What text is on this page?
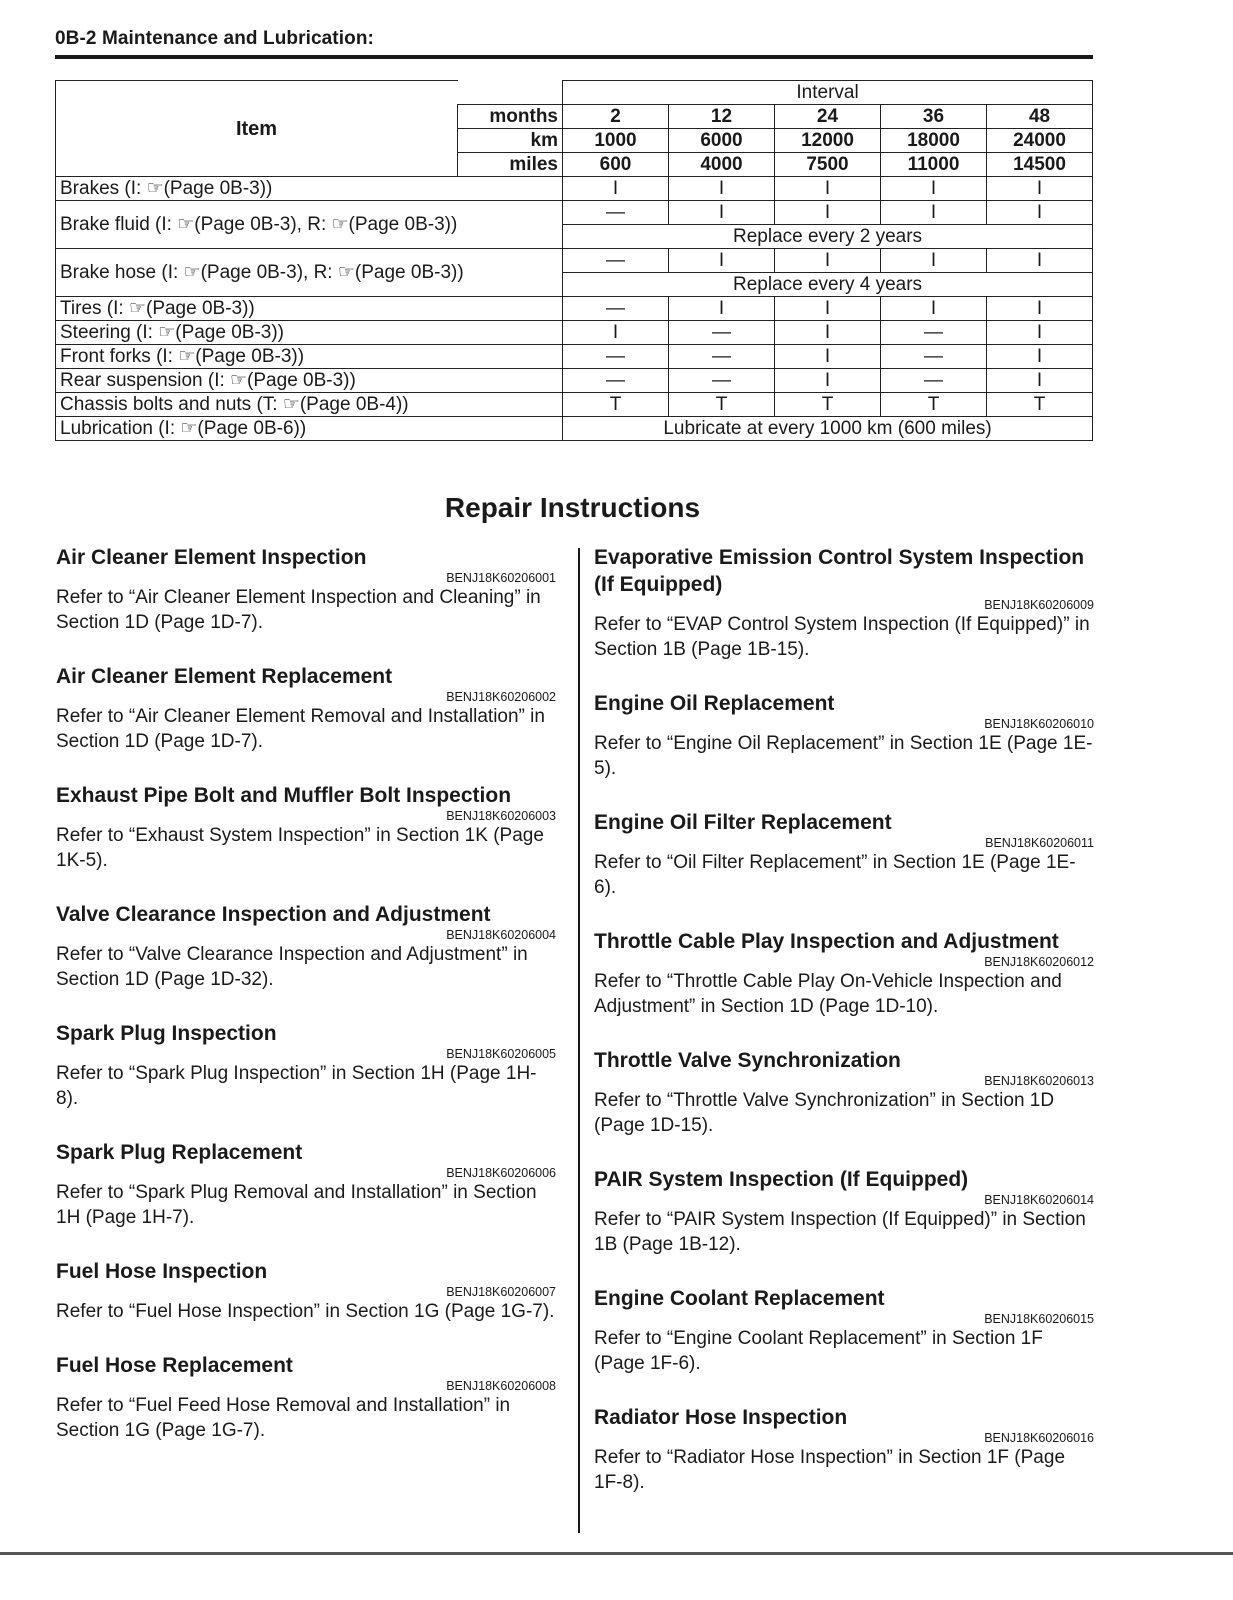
0B-2 Maintenance and Lubrication:
Item		Interval				
	months	2	12	24	36	48
	km	1000	6000	12000	18000	24000
	miles	600	4000	7500	11000	14500
Brakes (I: ☞(Page 0B-3))		I	I	I	I	I
Brake fluid (I: ☞(Page 0B-3), R: ☞(Page 0B-3))		—	I	I	I	I
		Replace every 2 years				
Brake hose (I: ☞(Page 0B-3), R: ☞(Page 0B-3))		—	I	I	I	I
		Replace every 4 years				
Tires (I: ☞(Page 0B-3))		—	I	I	I	I
Steering (I: ☞(Page 0B-3))		I	—	I	—	I
Front forks (I: ☞(Page 0B-3))		—	—	I	—	I
Rear suspension (I: ☞(Page 0B-3))		—	—	I	—	I
Chassis bolts and nuts (T: ☞(Page 0B-4))		T	T	T	T	T
Lubrication (I: ☞(Page 0B-6))		Lubricate at every 1000 km (600 miles)				
Repair Instructions
Air Cleaner Element Inspection
BENJ18K60206001

Refer to “Air Cleaner Element Inspection and Cleaning” in Section 1D (Page 1D-7).

Air Cleaner Element Replacement
BENJ18K60206002

Refer to “Air Cleaner Element Removal and Installation” in Section 1D (Page 1D-7).

Exhaust Pipe Bolt and Muffler Bolt Inspection
BENJ18K60206003

Refer to “Exhaust System Inspection” in Section 1K (Page 1K-5).

Valve Clearance Inspection and Adjustment
BENJ18K60206004

Refer to “Valve Clearance Inspection and Adjustment” in Section 1D (Page 1D-32).

Spark Plug Inspection
BENJ18K60206005

Refer to “Spark Plug Inspection” in Section 1H (Page 1H-8).

Spark Plug Replacement
BENJ18K60206006

Refer to “Spark Plug Removal and Installation” in Section 1H (Page 1H-7).

Fuel Hose Inspection
BENJ18K60206007

Refer to “Fuel Hose Inspection” in Section 1G (Page 1G-7).

Fuel Hose Replacement
BENJ18K60206008

Refer to “Fuel Feed Hose Removal and Installation” in Section 1G (Page 1G-7).

Evaporative Emission Control System Inspection (If Equipped)
BENJ18K60206009

Refer to “EVAP Control System Inspection (If Equipped)” in Section 1B (Page 1B-15).

Engine Oil Replacement
BENJ18K60206010

Refer to “Engine Oil Replacement” in Section 1E (Page 1E-5).

Engine Oil Filter Replacement
BENJ18K60206011

Refer to “Oil Filter Replacement” in Section 1E (Page 1E-6).

Throttle Cable Play Inspection and Adjustment
BENJ18K60206012

Refer to “Throttle Cable Play On-Vehicle Inspection and Adjustment” in Section 1D (Page 1D-10).

Throttle Valve Synchronization
BENJ18K60206013

Refer to “Throttle Valve Synchronization” in Section 1D (Page 1D-15).

PAIR System Inspection (If Equipped)
BENJ18K60206014

Refer to “PAIR System Inspection (If Equipped)” in Section 1B (Page 1B-12).

Engine Coolant Replacement
BENJ18K60206015

Refer to “Engine Coolant Replacement” in Section 1F (Page 1F-6).

Radiator Hose Inspection
BENJ18K60206016

Refer to “Radiator Hose Inspection” in Section 1F (Page 1F-8).
